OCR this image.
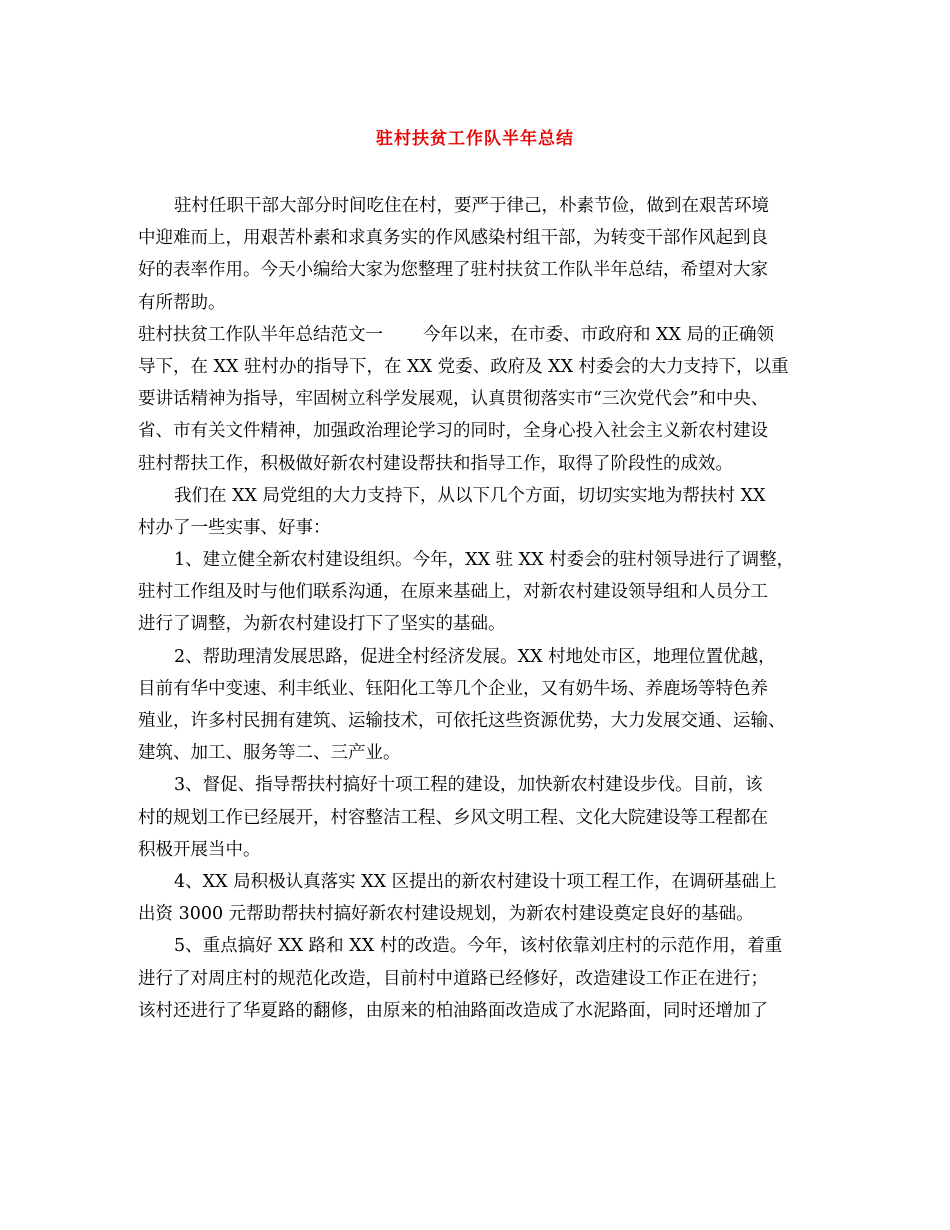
驻村扶贫工作队半年总结
驻村任职干部大部分时间吃住在村，要严于律己，朴素节俭，做到在艰苦环境
中迎难而上，用艰苦朴素和求真务实的作风感染村组干部，为转变干部作风起到良
好的表率作用。今天小编给大家为您整理了驻村扶贫工作队半年总结，希望对大家
有所帮助。
驻村扶贫工作队半年总结范文一 今年以来，在市委、市政府和 XX 局的正确领
导下，在 XX 驻村办的指导下，在 XX 党委、政府及 XX 村委会的大力支持下，以重
要讲话精神为指导，牢固树立科学发展观，认真贯彻落实市“三次党代会”和中央、
省、市有关文件精神，加强政治理论学习的同时，全身心投入社会主义新农村建设
驻村帮扶工作，积极做好新农村建设帮扶和指导工作，取得了阶段性的成效。
我们在 XX 局党组的大力支持下，从以下几个方面，切切实实地为帮扶村 XX
村办了一些实事、好事：
1、建立健全新农村建设组织。今年，XX 驻 XX 村委会的驻村领导进行了调整，
驻村工作组及时与他们联系沟通，在原来基础上，对新农村建设领导组和人员分工
进行了调整，为新农村建设打下了坚实的基础。
2、帮助理清发展思路，促进全村经济发展。XX 村地处市区，地理位置优越，
目前有华中变速、利丰纸业、钰阳化工等几个企业，又有奶牛场、养鹿场等特色养
殖业，许多村民拥有建筑、运输技术，可依托这些资源优势，大力发展交通、运输、
建筑、加工、服务等二、三产业。
3、督促、指导帮扶村搞好十项工程的建设，加快新农村建设步伐。目前，该
村的规划工作已经展开，村容整洁工程、乡风文明工程、文化大院建设等工程都在
积极开展当中。
4、XX 局积极认真落实 XX 区提出的新农村建设十项工程工作，在调研基础上
出资 3000 元帮助帮扶村搞好新农村建设规划，为新农村建设奠定良好的基础。
5、重点搞好 XX 路和 XX 村的改造。今年，该村依靠刘庄村的示范作用，着重
进行了对周庄村的规范化改造，目前村中道路已经修好，改造建设工作正在进行；
该村还进行了华夏路的翻修，由原来的柏油路面改造成了水泥路面，同时还增加了
